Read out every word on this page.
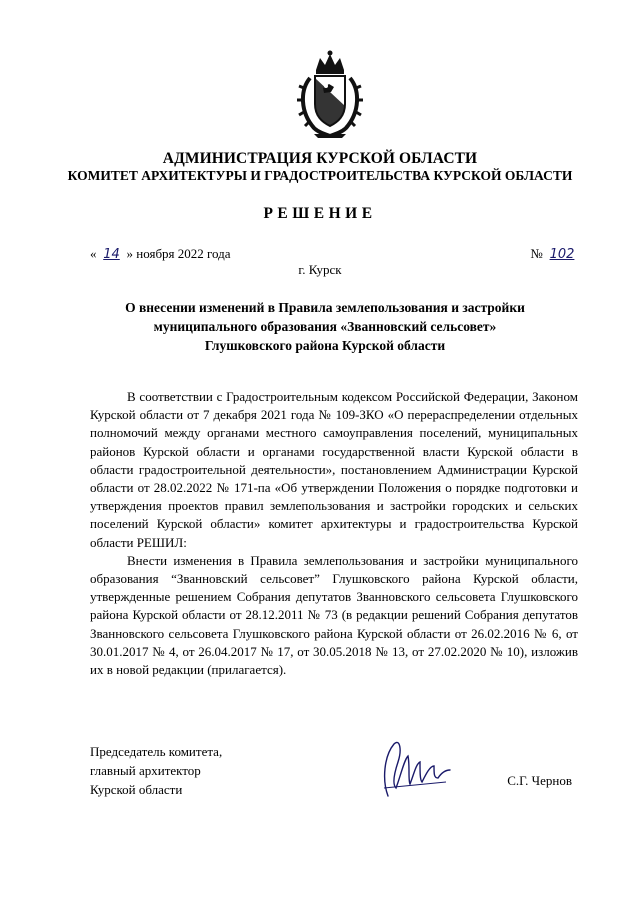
АДМИНИСТРАЦИЯ КУРСКОЙ ОБЛАСТИ
КОМИТЕТ АРХИТЕКТУРЫ И ГРАДОСТРОИТЕЛЬСТВА КУРСКОЙ ОБЛАСТИ
РЕШЕНИЕ
« 14 » ноября 2022 года	№ 102
г. Курск
О внесении изменений в Правила землепользования и застройки
муниципального образования «Званновский сельсовет»
Глушковского района Курской области

В соответствии с Градостроительным кодексом Российской Федерации, Законом Курской области от 7 декабря 2021 года № 109-ЗКО «О перераспределении отдельных полномочий между органами местного самоуправления поселений, муниципальных районов Курской области и органами государственной власти Курской области в области градостроительной деятельности», постановлением Администрации Курской области от 28.02.2022 № 171-па «Об утверждении Положения о порядке подготовки и утверждения проектов правил землепользования и застройки городских и сельских поселений Курской области» комитет архитектуры и градостроительства Курской области РЕШИЛ:

Внести изменения в Правила землепользования и застройки муниципального образования “Званновский сельсовет” Глушковского района Курской области, утвержденные решением Собрания депутатов Званновского сельсовета Глушковского района Курской области от 28.12.2011 № 73 (в редакции решений Собрания депутатов Званновского сельсовета Глушковского района Курской области от 26.02.2016 № 6, от 30.01.2017 № 4, от 26.04.2017 № 17, от 30.05.2018 № 13, от 27.02.2020 № 10), изложив их в новой редакции (прилагается).

Председатель комитета,
главный архитектор
Курской области
С.Г. Чернов
